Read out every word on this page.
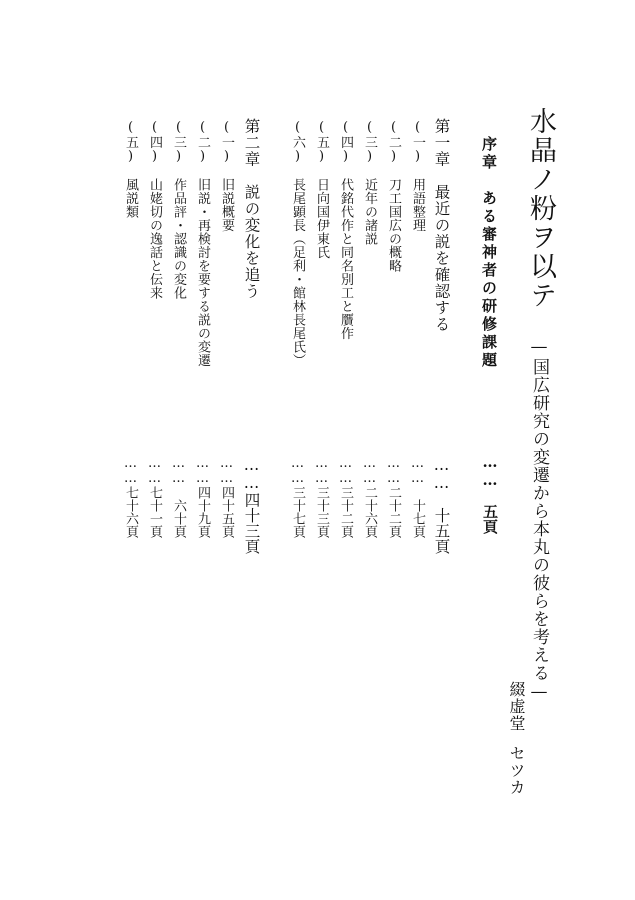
水晶ノ粉ヲ以テ
—国広研究の変遷から本丸の彼らを考える—
綴虚堂
セツカ
序章　ある審神者の研修課題
……　五頁
第一章　最近の説を確認する
……　十五頁
(一)　用語整理
……　十七頁
(二)　刀工国広の概略
……二十二頁
(三)　近年の諸説
……二十六頁
(四)　代銘代作と同名別工と贋作
……三十二頁
(五)　日向国伊東氏
……三十三頁
(六)　長尾顕長（足利・館林長尾氏）
……三十七頁
第二章　説の変化を追う
……四十三頁
(一)　旧説概要
……四十五頁
(二)　旧説・再検討を要する説の変遷
……四十九頁
(三)　作品評・認識の変化
……　六十頁
(四)　山姥切の逸話と伝来
……七十一頁
(五)　風説類
……七十六頁
